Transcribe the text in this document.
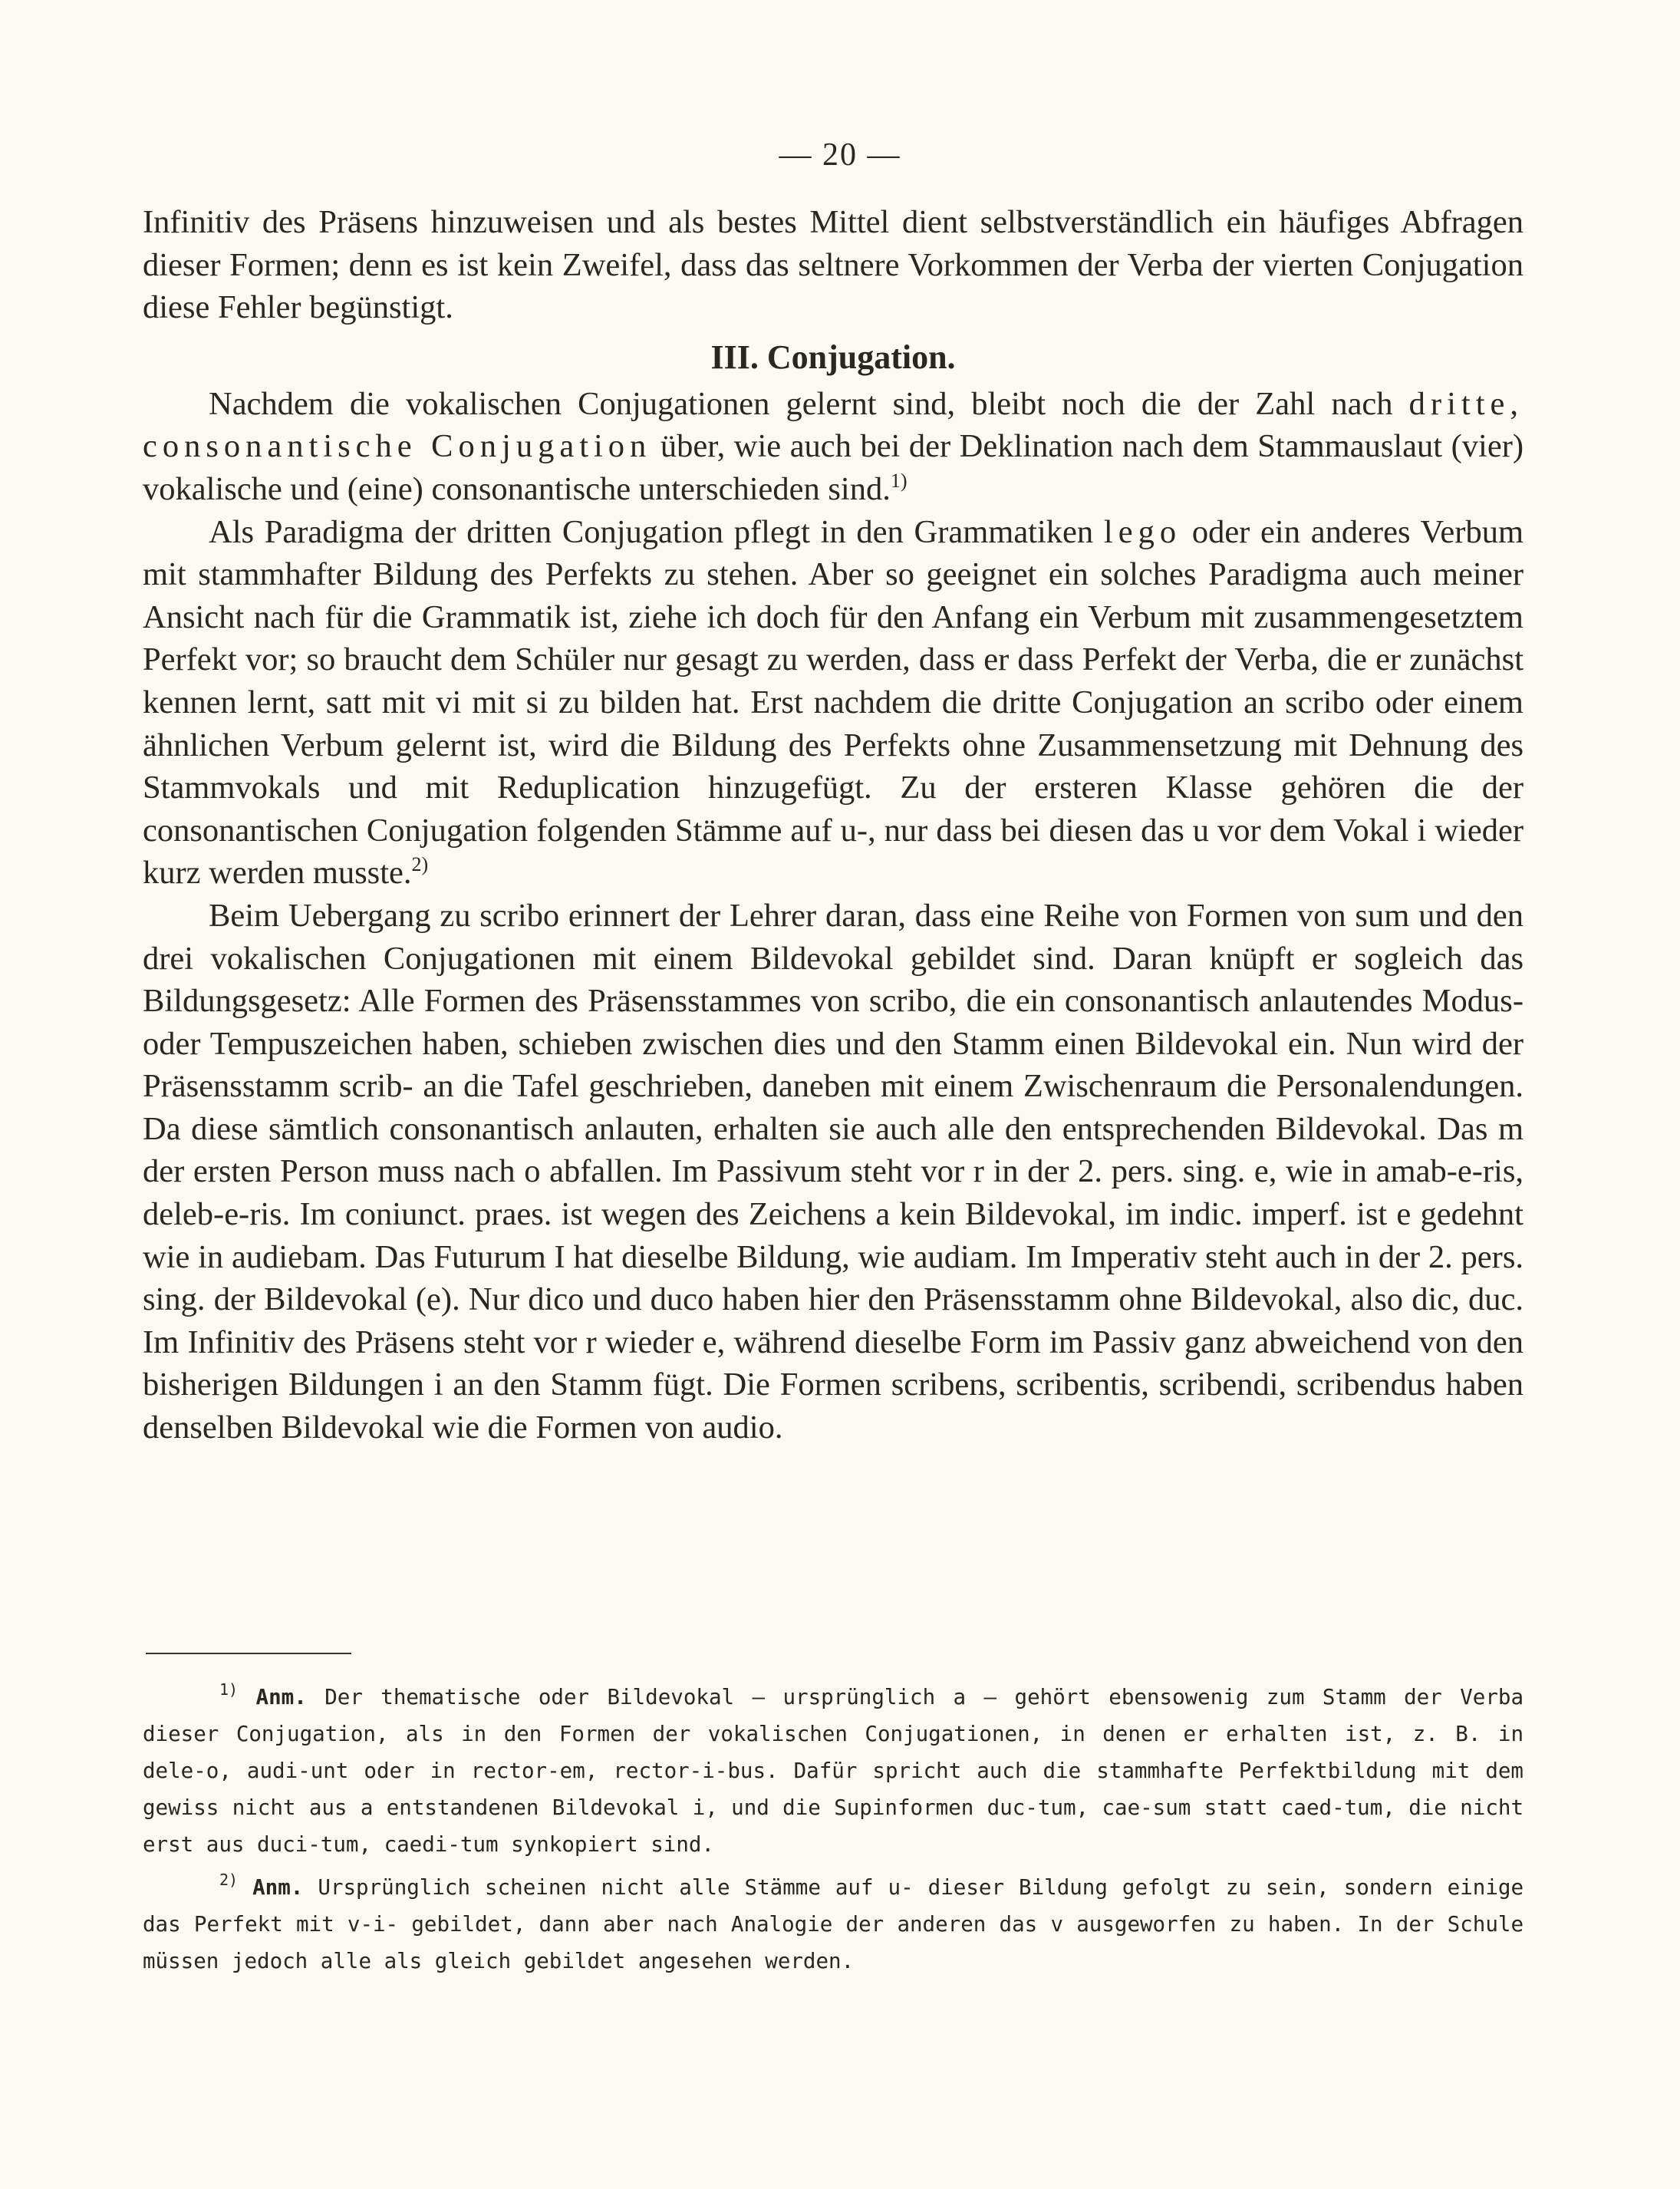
— 20 —

Infinitiv des Präsens hinzuweisen und als bestes Mittel dient selbstverständlich ein häufiges Abfragen dieser Formen; denn es ist kein Zweifel, dass das seltnere Vorkommen der Verba der vierten Conjugation diese Fehler begünstigt.

III. Conjugation.

Nachdem die vokalischen Conjugationen gelernt sind, bleibt noch die der Zahl nach dritte, consonantische Conjugation über, wie auch bei der Deklination nach dem Stammauslaut (vier) vokalische und (eine) consonantische unterschieden sind.$^{1)}$

Als Paradigma der dritten Conjugation pflegt in den Grammatiken lego oder ein anderes Verbum mit stammhafter Bildung des Perfekts zu stehen. Aber so geeignet ein solches Paradigma auch meiner Ansicht nach für die Grammatik ist, ziehe ich doch für den Anfang ein Verbum mit zusammengesetztem Perfekt vor; so braucht dem Schüler nur gesagt zu werden, dass er dass Perfekt der Verba, die er zunächst kennen lernt, satt mit vi mit si zu bilden hat. Erst nachdem die dritte Conjugation an scribo oder einem ähnlichen Verbum gelernt ist, wird die Bildung des Perfekts ohne Zusammensetzung mit Dehnung des Stammvokals und mit Reduplication hinzugefügt. Zu der ersteren Klasse gehören die der consonantischen Conjugation folgenden Stämme auf u-, nur dass bei diesen das u vor dem Vokal i wieder kurz werden musste.$^{2)}$

Beim Uebergang zu scribo erinnert der Lehrer daran, dass eine Reihe von Formen von sum und den drei vokalischen Conjugationen mit einem Bildevokal gebildet sind. Daran knüpft er sogleich das Bildungsgesetz: Alle Formen des Präsensstammes von scribo, die ein consonantisch anlautendes Modus- oder Tempuszeichen haben, schieben zwischen dies und den Stamm einen Bildevokal ein. Nun wird der Präsensstamm scrib- an die Tafel geschrieben, daneben mit einem Zwischenraum die Personalendungen. Da diese sämtlich consonantisch anlauten, erhalten sie auch alle den entsprechenden Bildevokal. Das m der ersten Person muss nach o abfallen. Im Passivum steht vor r in der 2. pers. sing. e, wie in amab-e-ris, deleb-e-ris. Im coniunct. praes. ist wegen des Zeichens a kein Bildevokal, im indic. imperf. ist e gedehnt wie in audiebam. Das Futurum I hat dieselbe Bildung, wie audiam. Im Imperativ steht auch in der 2. pers. sing. der Bildevokal (e). Nur dico und duco haben hier den Präsensstamm ohne Bildevokal, also dic, duc. Im Infinitiv des Präsens steht vor r wieder e, während dieselbe Form im Passiv ganz abweichend von den bisherigen Bildungen i an den Stamm fügt. Die Formen scribens, scribentis, scribendi, scribendus haben denselben Bildevokal wie die Formen von audio.

$^{1)}$ Anm. Der thematische oder Bildevokal — ursprünglich a — gehört ebensowenig zum Stamm der Verba dieser Conjugation, als in den Formen der vokalischen Conjugationen, in denen er erhalten ist, z. B. in dele-o, audi-unt oder in rector-em, rector-i-bus. Dafür spricht auch die stammhafte Perfektbildung mit dem gewiss nicht aus a entstandenen Bildevokal i, und die Supinformen duc-tum, cae-sum statt caed-tum, die nicht erst aus duci-tum, caedi-tum synkopiert sind.

$^{2)}$ Anm. Ursprünglich scheinen nicht alle Stämme auf u- dieser Bildung gefolgt zu sein, sondern einige das Perfekt mit v-i- gebildet, dann aber nach Analogie der anderen das v ausgeworfen zu haben. In der Schule müssen jedoch alle als gleich gebildet angesehen werden.
